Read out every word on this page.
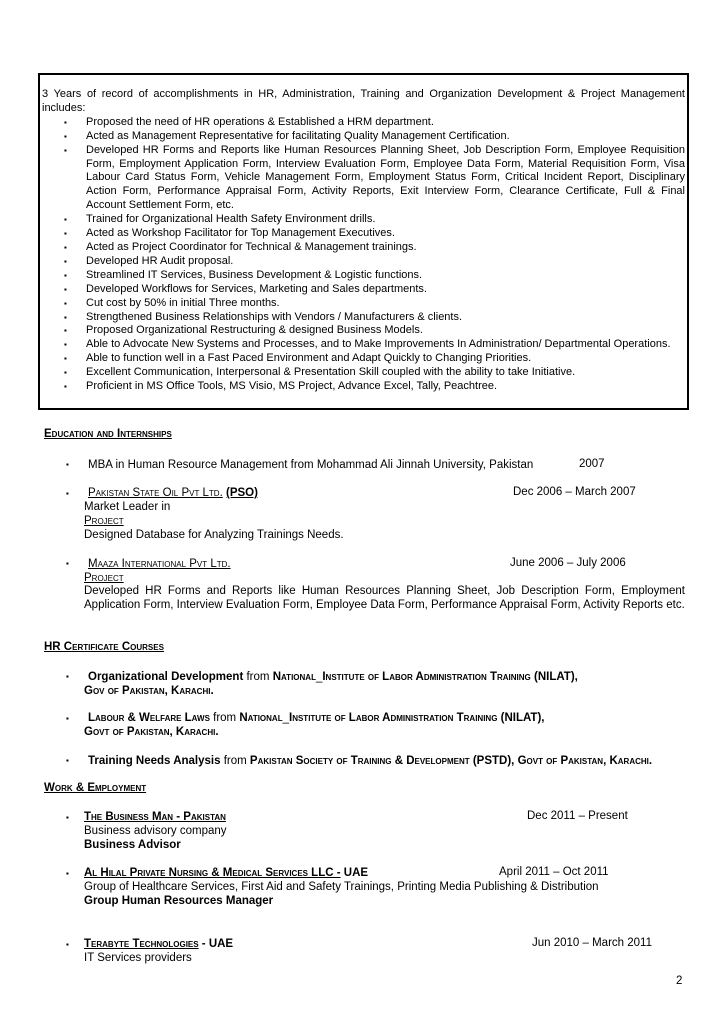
3 Years of record of accomplishments in HR, Administration, Training and Organization Development & Project Management
includes:
▪ Proposed the need of HR operations & Established a HRM department.
▪ Acted as Management Representative for facilitating Quality Management Certification.
▪ Developed HR Forms and Reports like Human Resources Planning Sheet, Job Description Form, Employee Requisition Form, Employment Application Form, Interview Evaluation Form, Employee Data Form, Material Requisition Form, Visa Labour Card Status Form, Vehicle Management Form, Employment Status Form, Critical Incident Report, Disciplinary Action Form, Performance Appraisal Form, Activity Reports, Exit Interview Form, Clearance Certificate, Full & Final Account Settlement Form, etc.
▪ Trained for Organizational Health Safety Environment drills.
▪ Acted as Workshop Facilitator for Top Management Executives.
▪ Acted as Project Coordinator for Technical & Management trainings.
▪ Developed HR Audit proposal.
▪ Streamlined IT Services, Business Development & Logistic functions.
▪ Developed Workflows for Services, Marketing and Sales departments.
▪ Cut cost by 50% in initial Three months.
▪ Strengthened Business Relationships with Vendors / Manufacturers & clients.
▪ Proposed Organizational Restructuring & designed Business Models.
▪ Able to Advocate New Systems and Processes, and to Make Improvements In Administration/ Departmental Operations.
▪ Able to function well in a Fast Paced Environment and Adapt Quickly to Changing Priorities.
▪ Excellent Communication, Interpersonal & Presentation Skill coupled with the ability to take Initiative.
▪ Proficient in MS Office Tools, MS Visio, MS Project, Advance Excel, Tally, Peachtree.
Education and Internships
▪ MBA in Human Resource Management from Mohammad Ali Jinnah University, Pakistan	2007
▪ Pakistan State Oil Pvt Ltd. (PSO)	Dec 2006 – March 2007
Market Leader in
Project
Designed Database for Analyzing Trainings Needs.
▪ Maaza International Pvt Ltd.	June 2006 – July 2006
Project
Developed HR Forms and Reports like Human Resources Planning Sheet, Job Description Form, Employment Application Form, Interview Evaluation Form, Employee Data Form, Performance Appraisal Form, Activity Reports etc.
HR Certificate Courses
▪ Organizational Development from National_Institute of Labor Administration Training (NILAT),
Gov of Pakistan, Karachi.
▪ Labour & Welfare Laws from National_Institute of Labor Administration Training (NILAT),
Govt of Pakistan, Karachi.
▪ Training Needs Analysis from Pakistan Society of Training & Development (PSTD), Govt of Pakistan, Karachi.
Work & Employment
▪ The Business Man - Pakistan	Dec 2011 – Present
Business advisory company
Business Advisor
▪ Al Hilal Private Nursing & Medical Services LLC - UAE	April 2011 – Oct 2011
Group of Healthcare Services, First Aid and Safety Trainings, Printing Media Publishing & Distribution
Group Human Resources Manager
▪ Terabyte Technologies - UAE	Jun 2010 – March 2011
IT Services providers
2
